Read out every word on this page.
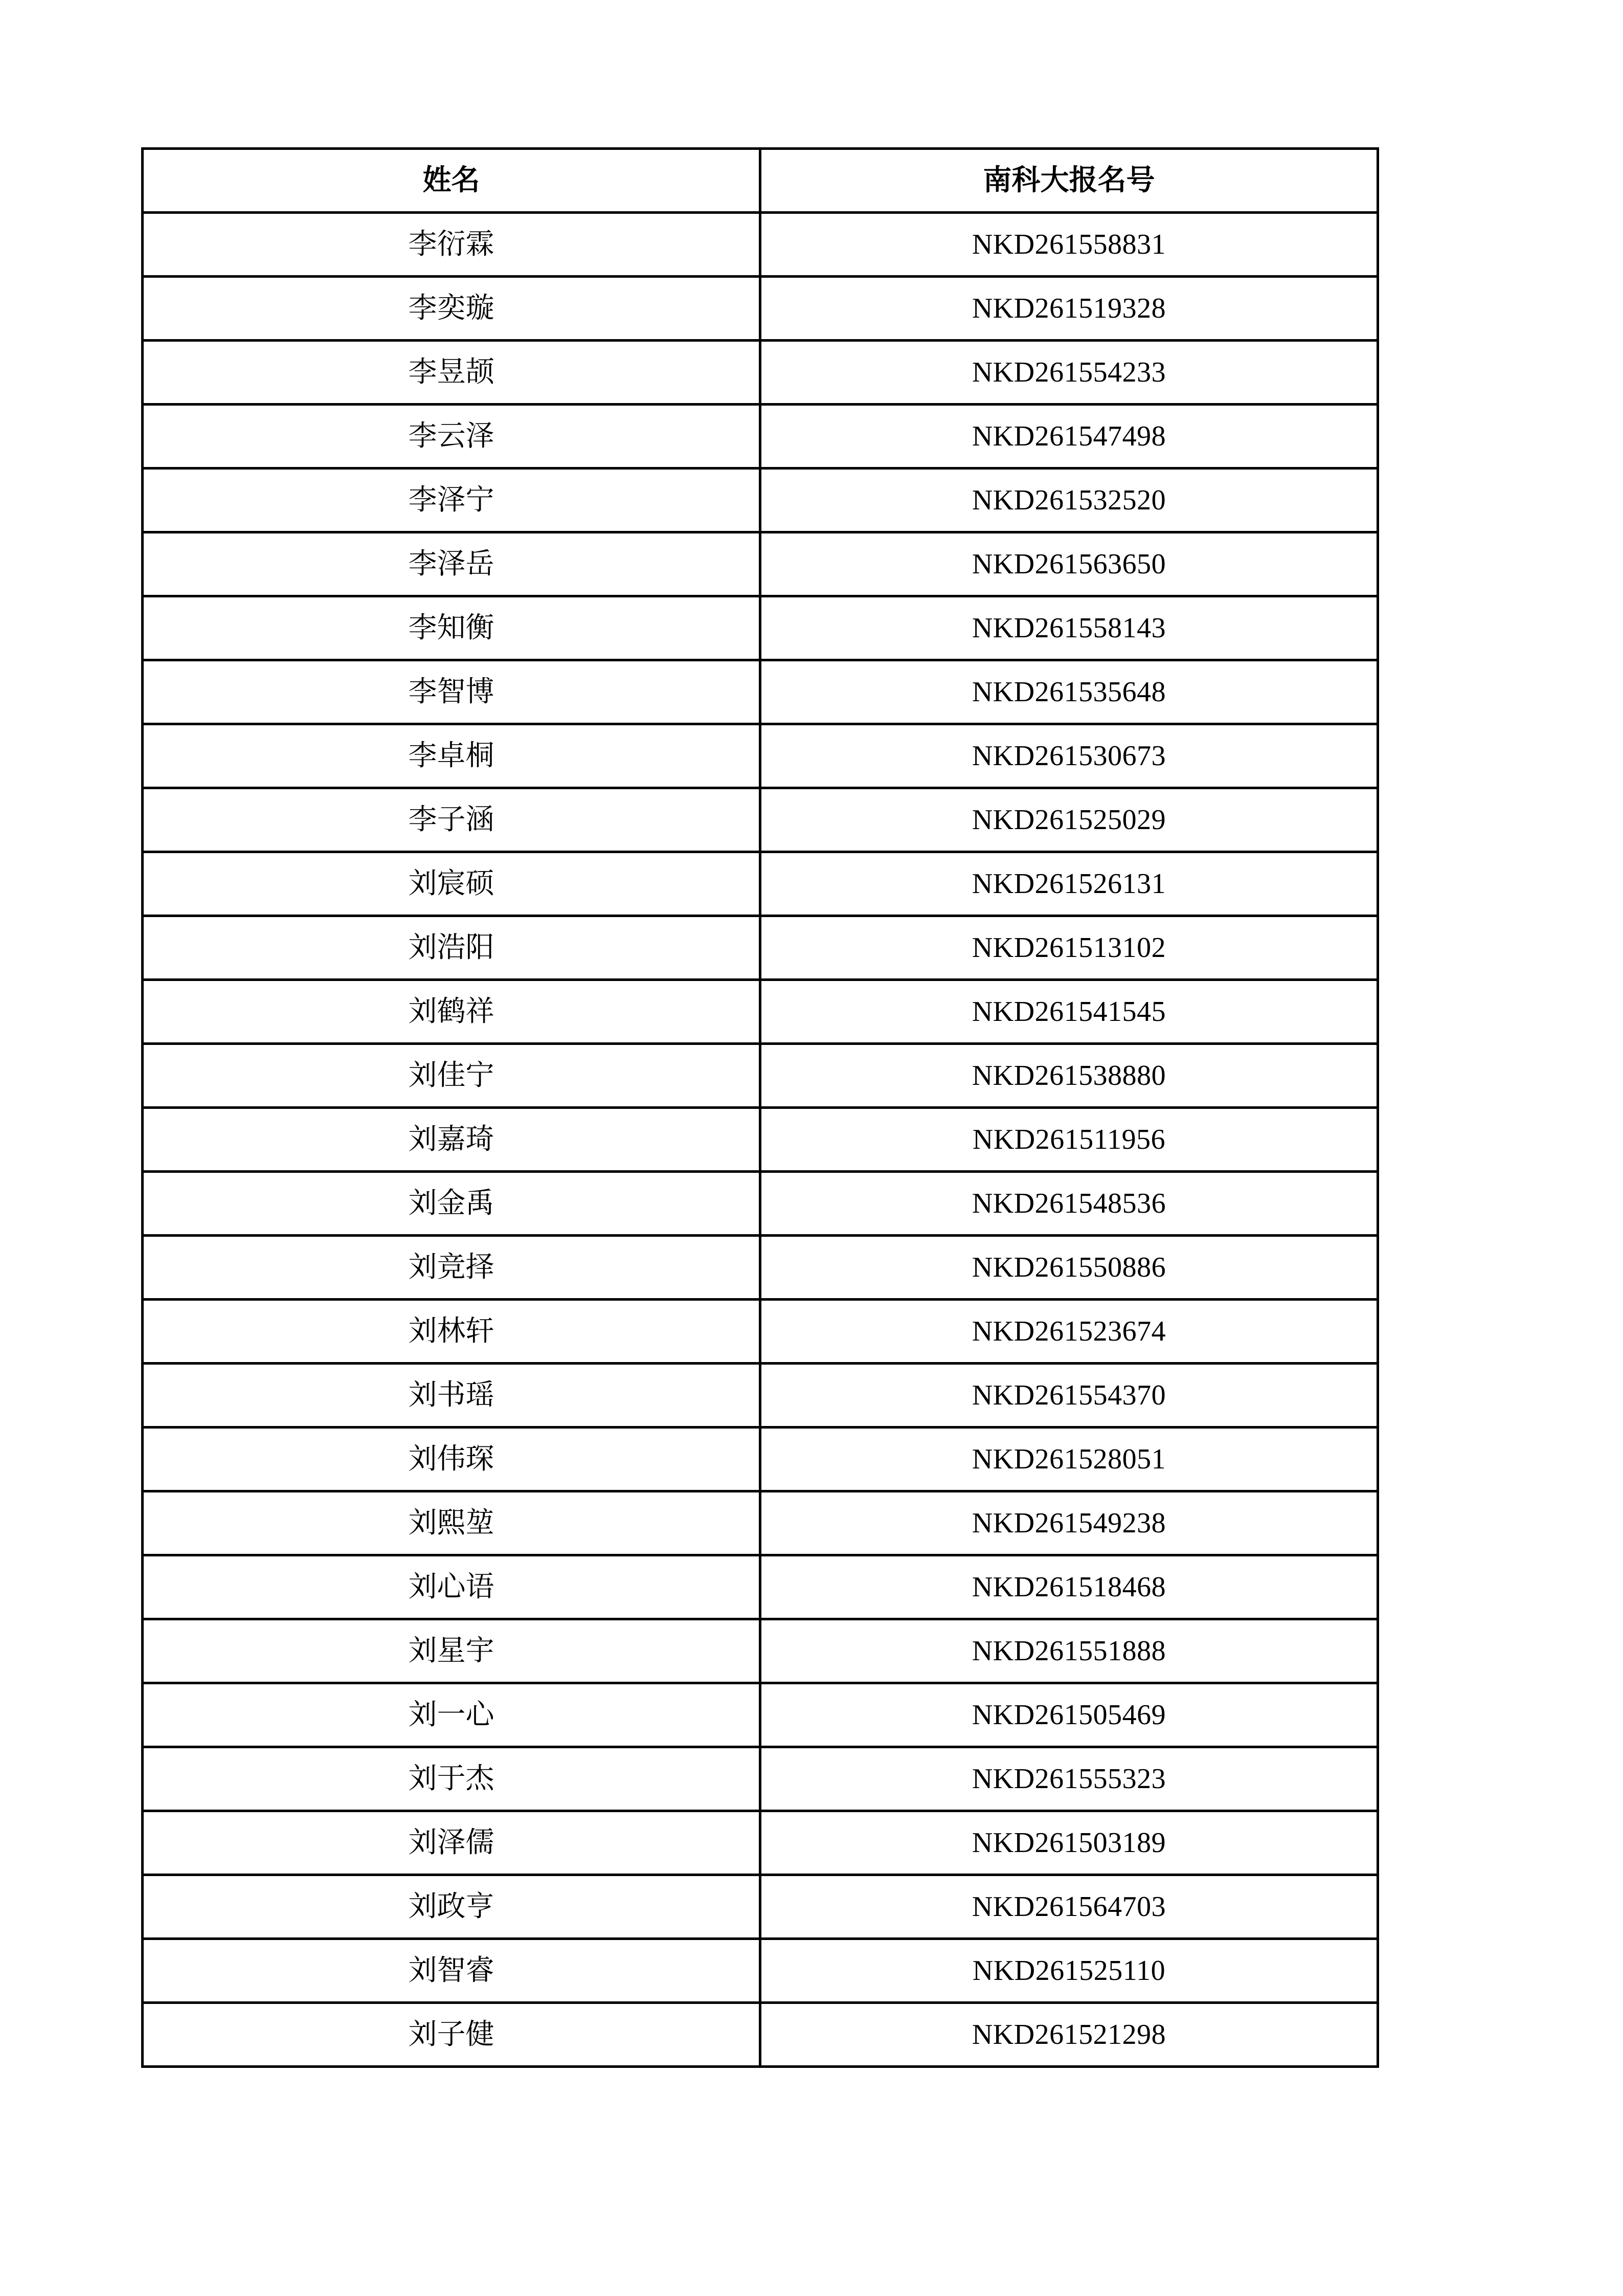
姓名	南科大报名号
李衍霖	NKD261558831
李奕璇	NKD261519328
李昱颉	NKD261554233
李云泽	NKD261547498
李泽宁	NKD261532520
李泽岳	NKD261563650
李知衡	NKD261558143
李智博	NKD261535648
李卓桐	NKD261530673
李子涵	NKD261525029
刘宸硕	NKD261526131
刘浩阳	NKD261513102
刘鹤祥	NKD261541545
刘佳宁	NKD261538880
刘嘉琦	NKD261511956
刘金禹	NKD261548536
刘竞择	NKD261550886
刘林轩	NKD261523674
刘书瑶	NKD261554370
刘伟琛	NKD261528051
刘熙堃	NKD261549238
刘心语	NKD261518468
刘星宇	NKD261551888
刘一心	NKD261505469
刘于杰	NKD261555323
刘泽儒	NKD261503189
刘政亨	NKD261564703
刘智睿	NKD261525110
刘子健	NKD261521298
